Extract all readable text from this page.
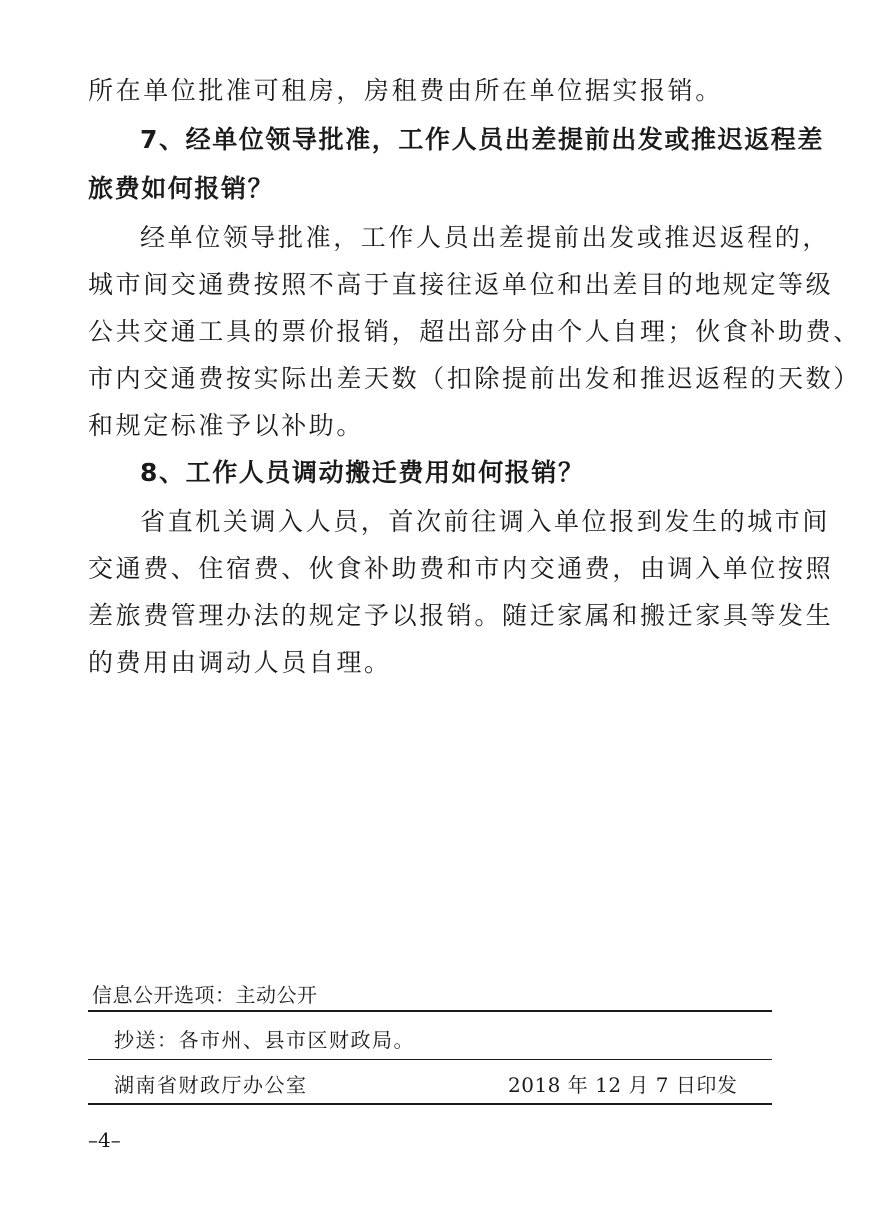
所在单位批准可租房，房租费由所在单位据实报销。
7、经单位领导批准，工作人员出差提前出发或推迟返程差
旅费如何报销？
经单位领导批准，工作人员出差提前出发或推迟返程的，
城市间交通费按照不高于直接往返单位和出差目的地规定等级
公共交通工具的票价报销，超出部分由个人自理；伙食补助费、
市内交通费按实际出差天数（扣除提前出发和推迟返程的天数）
和规定标准予以补助。
8、工作人员调动搬迁费用如何报销？
省直机关调入人员，首次前往调入单位报到发生的城市间
交通费、住宿费、伙食补助费和市内交通费，由调入单位按照
差旅费管理办法的规定予以报销。随迁家属和搬迁家具等发生
的费用由调动人员自理。
信息公开选项：主动公开
抄送：各市州、县市区财政局。
湖南省财政厅办公室	2018 年 12 月 7 日印发
–4–
